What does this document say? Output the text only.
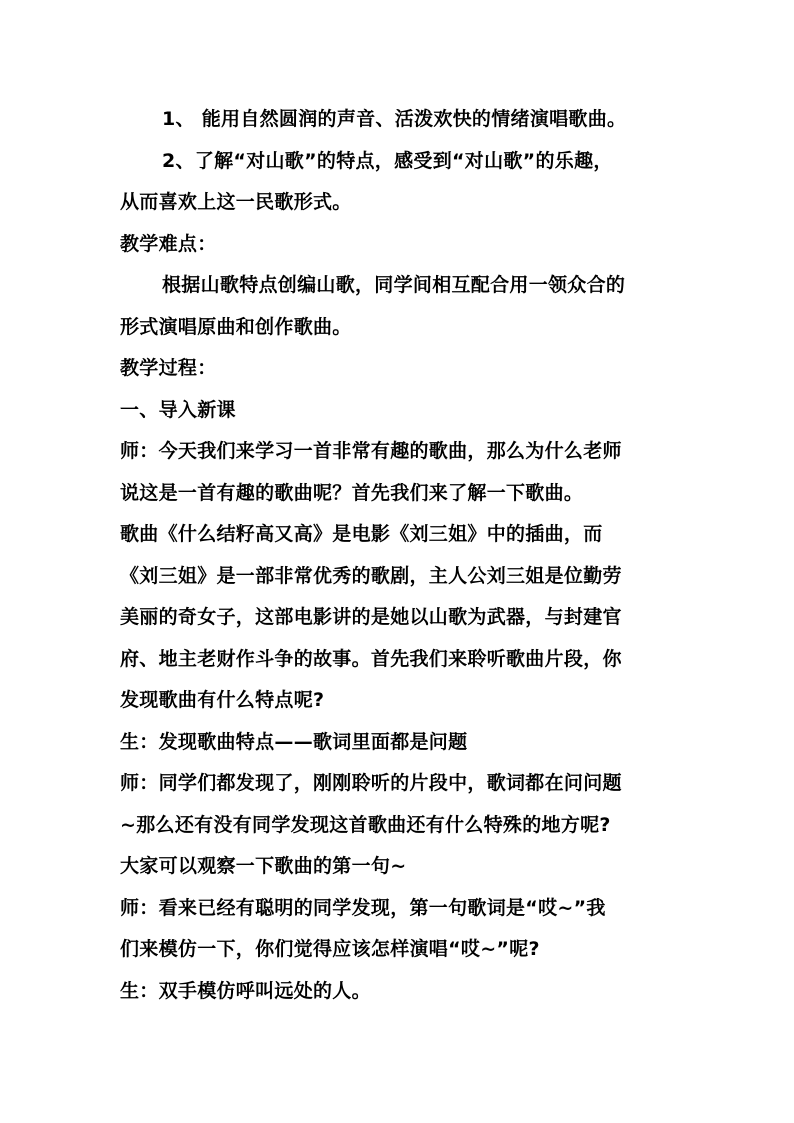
1、 能用自然圆润的声音、活泼欢快的情绪演唱歌曲。
2、了解“对山歌”的特点，感受到“对山歌”的乐趣，
从而喜欢上这一民歌形式。
教学难点：
根据山歌特点创编山歌，同学间相互配合用一领众合的
形式演唱原曲和创作歌曲。
教学过程：
一、导入新课
师：今天我们来学习一首非常有趣的歌曲，那么为什么老师
说这是一首有趣的歌曲呢？首先我们来了解一下歌曲。
歌曲《什么结籽高又高》是电影《刘三姐》中的插曲，而
《刘三姐》是一部非常优秀的歌剧，主人公刘三姐是位勤劳
美丽的奇女子，这部电影讲的是她以山歌为武器，与封建官
府、地主老财作斗争的故事。首先我们来聆听歌曲片段，你
发现歌曲有什么特点呢?
生：发现歌曲特点——歌词里面都是问题
师：同学们都发现了，刚刚聆听的片段中，歌词都在问问题
~那么还有没有同学发现这首歌曲还有什么特殊的地方呢?
大家可以观察一下歌曲的第一句~
师：看来已经有聪明的同学发现，第一句歌词是“哎~”我
们来模仿一下，你们觉得应该怎样演唱“哎~”呢?
生：双手模仿呼叫远处的人。
